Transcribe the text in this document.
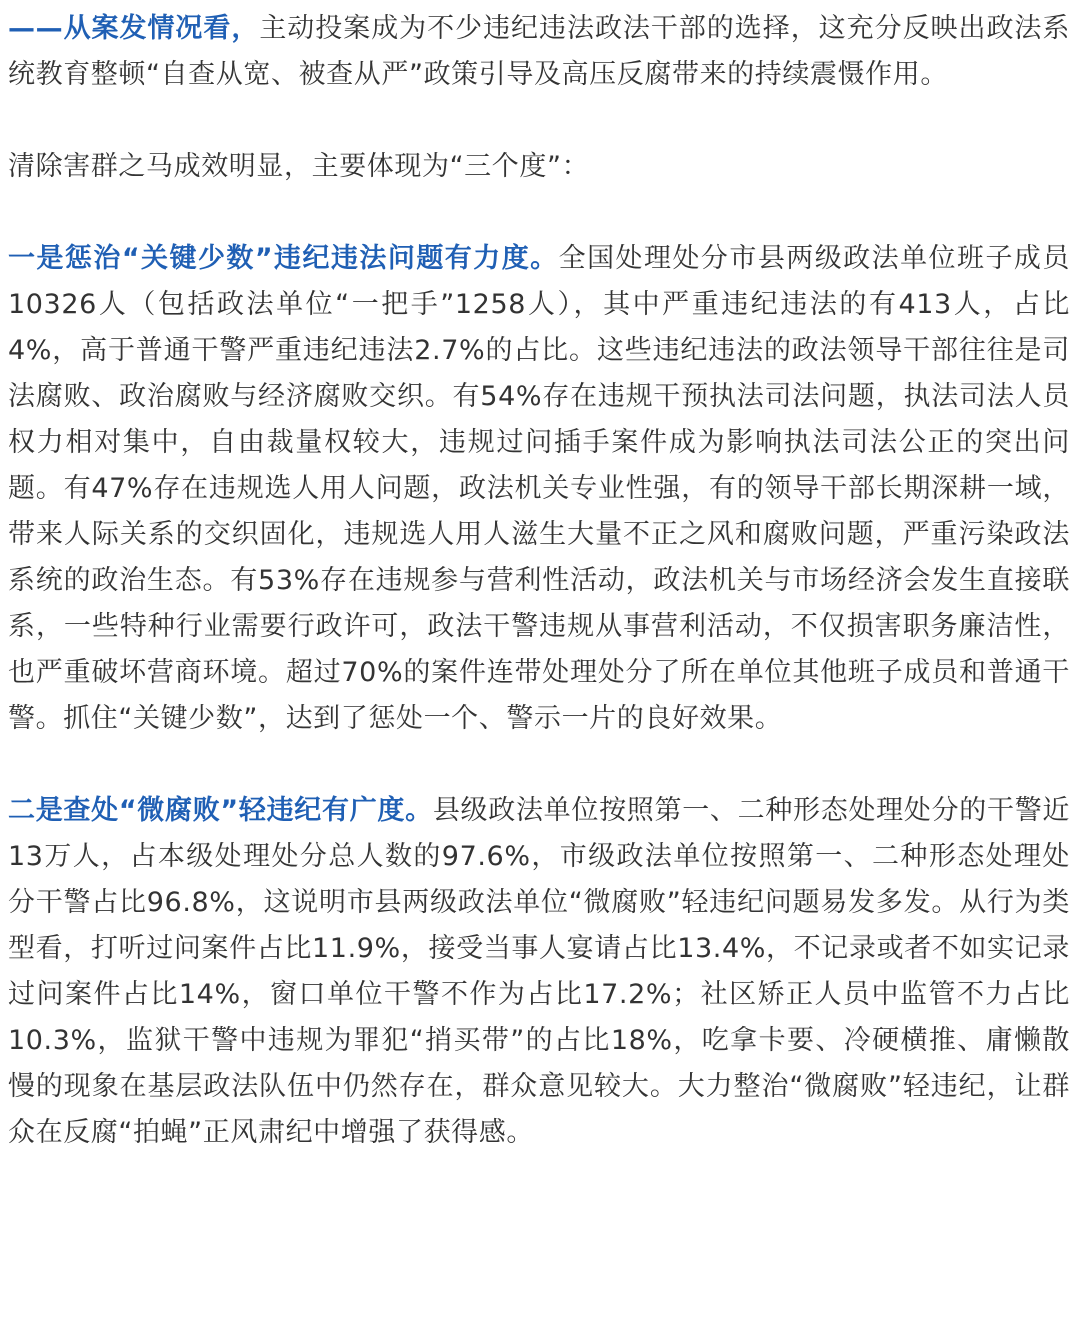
——从案发情况看，主动投案成为不少违纪违法政法干部的选择，这充分反映出政法系统教育整顿“自查从宽、被查从严”政策引导及高压反腐带来的持续震慑作用。

清除害群之马成效明显，主要体现为“三个度”：

一是惩治“关键少数”违纪违法问题有力度。全国处理处分市县两级政法单位班子成员10326人（包括政法单位“一把手”1258人），其中严重违纪违法的有413人，占比4%，高于普通干警严重违纪违法2.7%的占比。这些违纪违法的政法领导干部往往是司法腐败、政治腐败与经济腐败交织。有54%存在违规干预执法司法问题，执法司法人员权力相对集中，自由裁量权较大，违规过问插手案件成为影响执法司法公正的突出问题。有47%存在违规选人用人问题，政法机关专业性强，有的领导干部长期深耕一域，带来人际关系的交织固化，违规选人用人滋生大量不正之风和腐败问题，严重污染政法系统的政治生态。有53%存在违规参与营利性活动，政法机关与市场经济会发生直接联系，一些特种行业需要行政许可，政法干警违规从事营利活动，不仅损害职务廉洁性，也严重破坏营商环境。超过70%的案件连带处理处分了所在单位其他班子成员和普通干警。抓住“关键少数”，达到了惩处一个、警示一片的良好效果。

二是查处“微腐败”轻违纪有广度。县级政法单位按照第一、二种形态处理处分的干警近13万人，占本级处理处分总人数的97.6%，市级政法单位按照第一、二种形态处理处分干警占比96.8%，这说明市县两级政法单位“微腐败”轻违纪问题易发多发。从行为类型看，打听过问案件占比11.9%，接受当事人宴请占比13.4%，不记录或者不如实记录过问案件占比14%，窗口单位干警不作为占比17.2%；社区矫正人员中监管不力占比10.3%，监狱干警中违规为罪犯“捎买带”的占比18%，吃拿卡要、冷硬横推、庸懒散慢的现象在基层政法队伍中仍然存在，群众意见较大。大力整治“微腐败”轻违纪，让群众在反腐“拍蝇”正风肃纪中增强了获得感。
